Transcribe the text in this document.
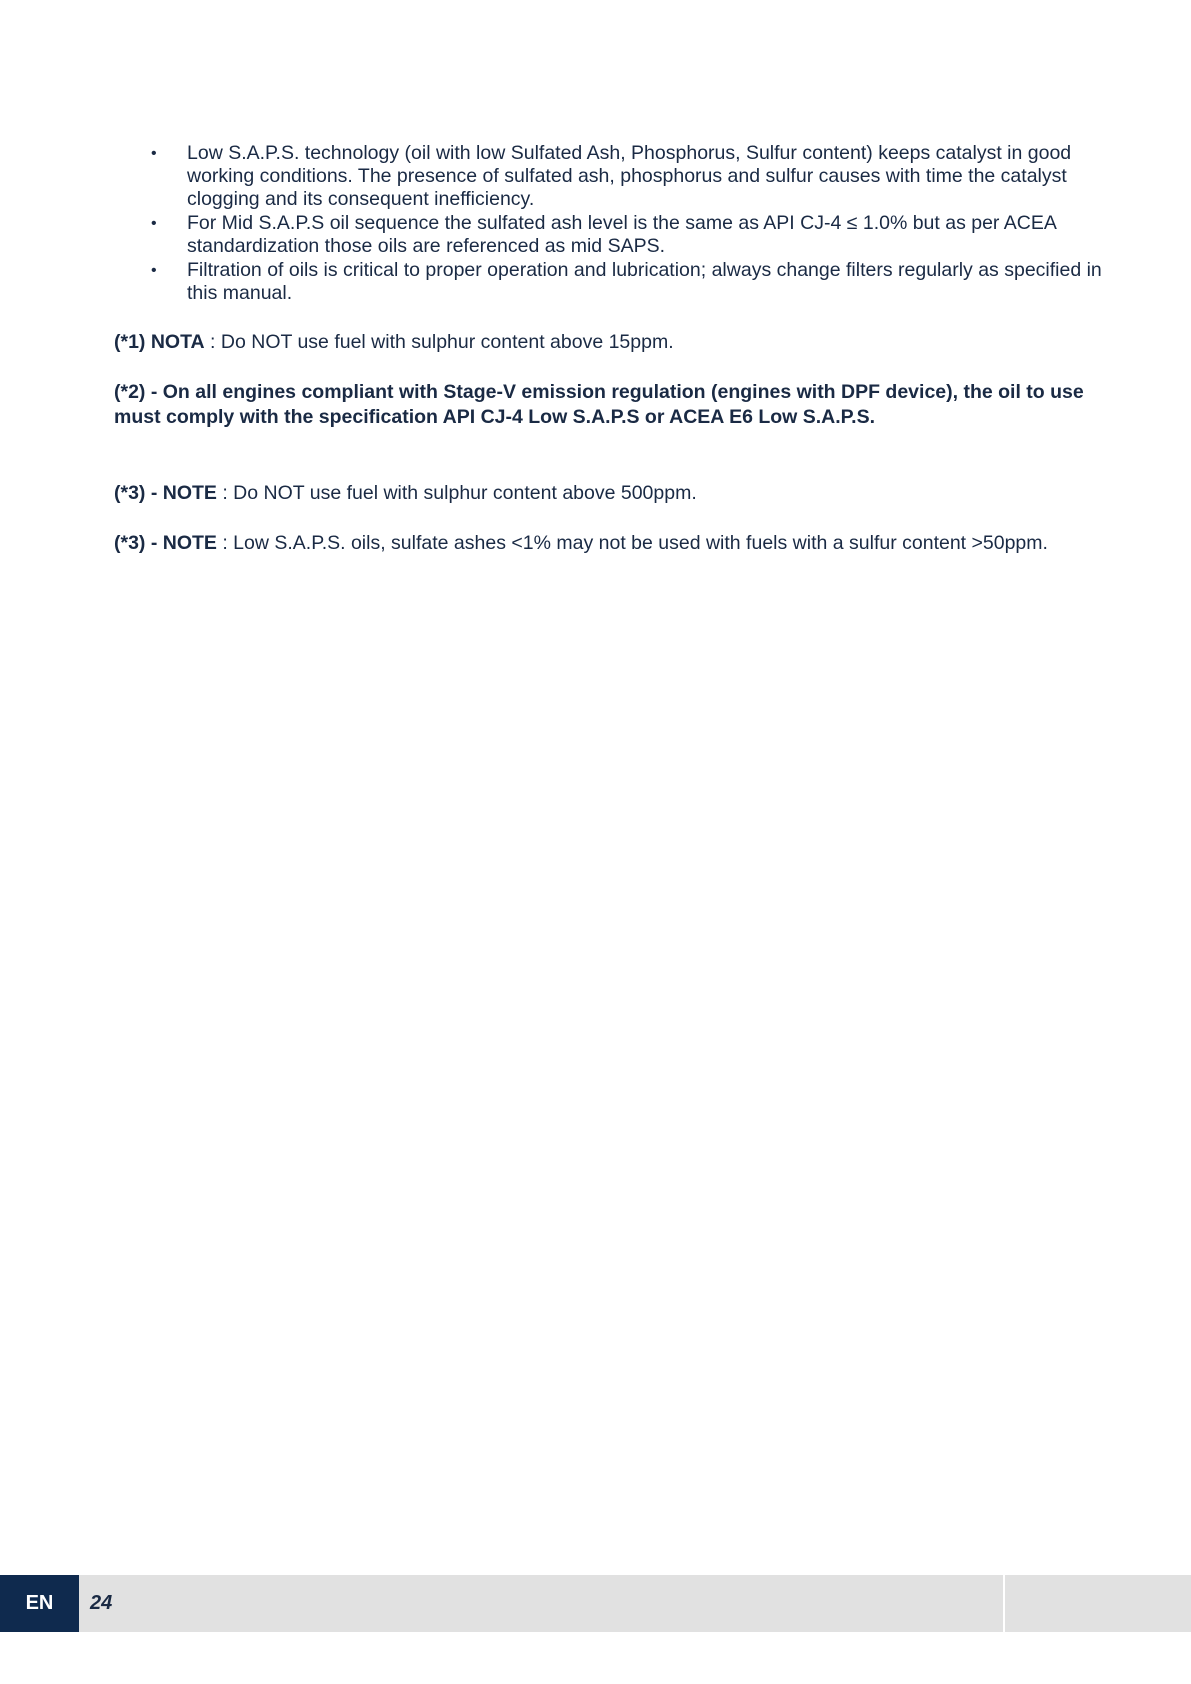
• Low S.A.P.S. technology (oil with low Sulfated Ash, Phosphorus, Sulfur content) keeps catalyst in good working conditions. The presence of sulfated ash, phosphorus and sulfur causes with time the catalyst clogging and its consequent inefficiency.
• For Mid S.A.P.S oil sequence the sulfated ash level is the same as API CJ-4 ≤ 1.0% but as per ACEA standardization those oils are referenced as mid SAPS.
• Filtration of oils is critical to proper operation and lubrication; always change filters regularly as specified in this manual.

(*1) NOTA : Do NOT use fuel with sulphur content above 15ppm.

(*2) - On all engines compliant with Stage-V emission regulation (engines with DPF device), the oil to use must comply with the specification API CJ-4 Low S.A.P.S or ACEA E6 Low S.A.P.S.

(*3) - NOTE : Do NOT use fuel with sulphur content above 500ppm.

(*3) - NOTE : Low S.A.P.S. oils, sulfate ashes <1% may not be used with fuels with a sulfur content >50ppm.

EN	24
